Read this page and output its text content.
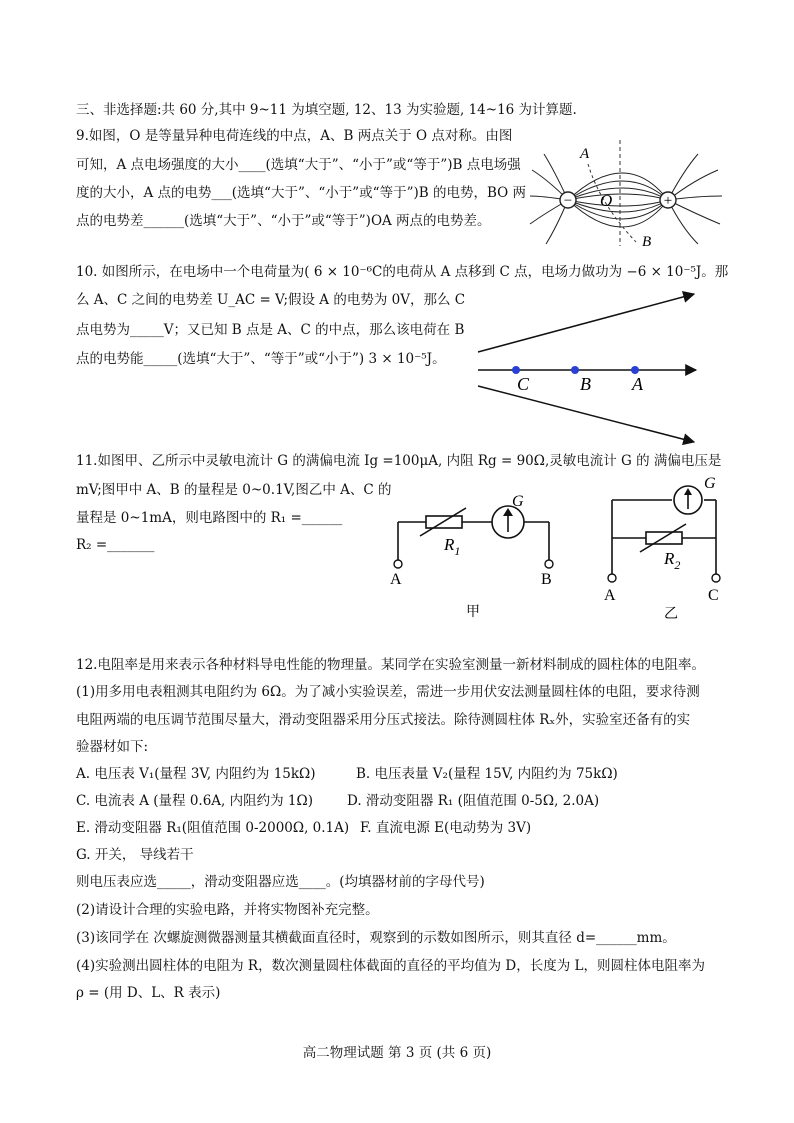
三、非选择题:共 60 分,其中 9~11 为填空题, 12、13 为实验题, 14~16 为计算题.
9.如图，O 是等量异种电荷连线的中点，A、B 两点关于 O 点对称。由图
可知，A 点电场强度的大小____(选填“大于”、“小于”或“等于”)B 点电场强
度的大小，A 点的电势___(选填“大于”、“小于”或“等于”)B 的电势，BO 两
点的电势差______(选填“大于”、“小于”或“等于”)OA 两点的电势差。
−	+
A
O
B
10. 如图所示，在电场中一个电荷量为( 6 × 10⁻⁶C的电荷从 A 点移到 C 点，电场力做功为 −6 × 10⁻⁵J。那
么 A、C 之间的电势差 U_AC = V;假设 A 的电势为 0V，那么 C
点电势为_____V；又已知 B 点是 A、C 的中点，那么该电荷在 B
点的电势能_____(选填“大于”、“等于”或“小于”) 3 × 10⁻⁵J。
C	B A
11.如图甲、乙所示中灵敏电流计 G 的满偏电流 Ig =100μA, 内阻 Rg = 90Ω,灵敏电流计 G 的 满偏电压是
mV;图甲中 A、B 的量程是 0~0.1V,图乙中 A、C 的
量程是 0~1mA，则电路图中的 R₁ =______
R₂ =_______	$R_1$
G
A	B
甲
G
$R_2$
A	C
乙
12.电阻率是用来表示各种材料导电性能的物理量。某同学在实验室测量一新材料制成的圆柱体的电阻率。
(1)用多用电表粗测其电阻约为 6Ω。为了减小实验误差，需进一步用伏安法测量圆柱体的电阻，要求待测
电阻两端的电压调节范围尽量大，滑动变阻器采用分压式接法。除待测圆柱体 Rₓ外，实验室还备有的实
验器材如下:
A. 电压表 V₁(量程 3V, 内阻约为 15kΩ)	B. 电压表量 V₂(量程 15V, 内阻约为 75kΩ)
C. 电流表 A (量程 0.6A, 内阻约为 1Ω)	D. 滑动变阻器 R₁ (阻值范围 0-5Ω, 2.0A)
E. 滑动变阻器 R₁(阻值范围 0-2000Ω, 0.1A) F. 直流电源 E(电动势为 3V)
G. 开关， 导线若干
则电压表应选_____，滑动变阻器应选____。(均填器材前的字母代号)
(2)请设计合理的实验电路，并将实物图补充完整。
(3)该同学在 次螺旋测微器测量其横截面直径时，观察到的示数如图所示，则其直径 d=______mm。
(4)实验测出圆柱体的电阻为 R，数次测量圆柱体截面的直径的平均值为 D，长度为 L，则圆柱体电阻率为
ρ = (用 D、L、R 表示)
高二物理试题 第 3 页 (共 6 页)
